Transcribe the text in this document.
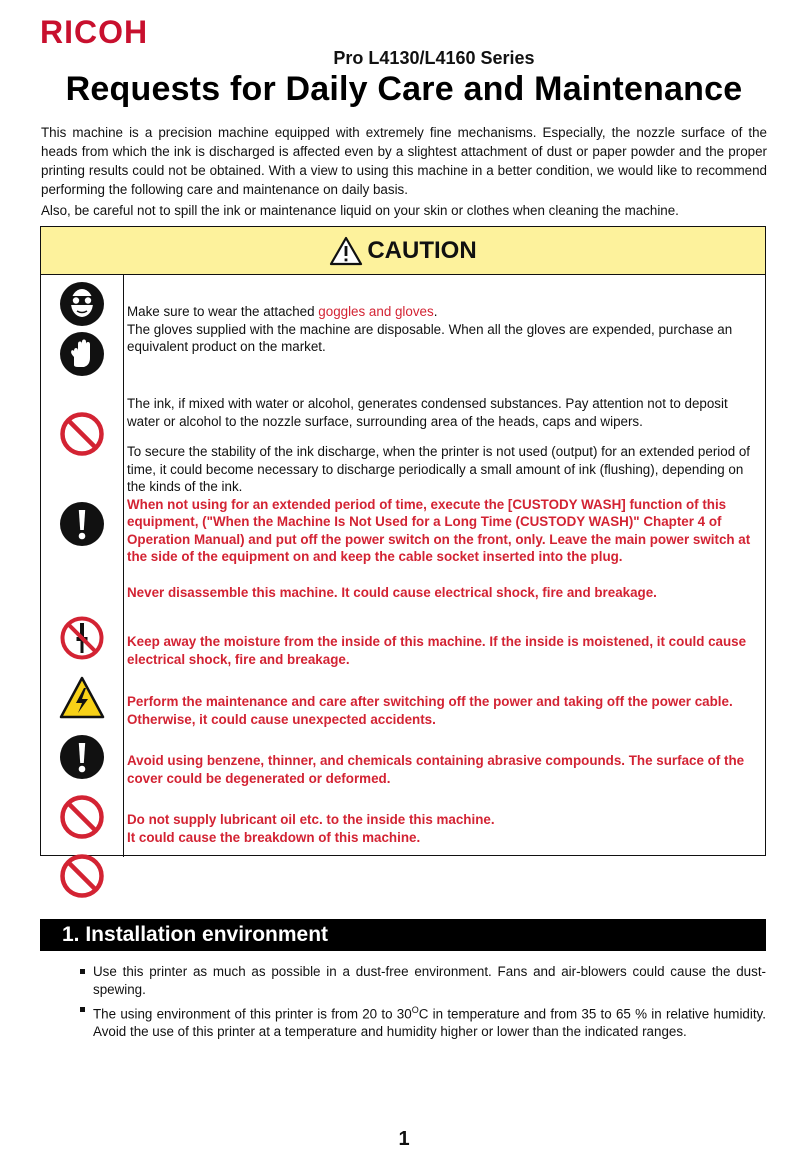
RICOH
Pro L4130/L4160 Series
Requests for Daily Care and Maintenance

This machine is a precision machine equipped with extremely fine mechanisms. Especially, the nozzle surface of the heads from which the ink is discharged is affected even by a slightest attachment of dust or paper powder and the proper printing results could not be obtained. With a view to using this machine in a better condition, we would like to recommend performing the following care and maintenance on daily basis.

Also, be careful not to spill the ink or maintenance liquid on your skin or clothes when cleaning the machine.

CAUTION

Make sure to wear the attached goggles and gloves.

The gloves supplied with the machine are disposable. When all the gloves are expended, purchase an equivalent product on the market.

The ink, if mixed with water or alcohol, generates condensed substances. Pay attention not to deposit water or alcohol to the nozzle surface, surrounding area of the heads, caps and wipers.

To secure the stability of the ink discharge, when the printer is not used (output) for an extended period of time, it could become necessary to discharge periodically a small amount of ink (flushing), depending on the kinds of the ink.

When not using for an extended period of time, execute the [CUSTODY WASH] function of this equipment, ("When the Machine Is Not Used for a Long Time (CUSTODY WASH)" Chapter 4 of Operation Manual) and put off the power switch on the front, only. Leave the main power switch at the side of the equipment on and keep the cable socket inserted into the plug.

Never disassemble this machine. It could cause electrical shock, fire and breakage.
Keep away the moisture from the inside of this machine. If the inside is moistened, it could cause electrical shock, fire and breakage.
Perform the maintenance and care after switching off the power and taking off the power cable. Otherwise, it could cause unexpected accidents.
Avoid using benzene, thinner, and chemicals containing abrasive compounds. The surface of the cover could be degenerated or deformed.

Do not supply lubricant oil etc. to the inside this machine.

It could cause the breakdown of this machine.

1. Installation environment
Use this printer as much as possible in a dust-free environment. Fans and air-blowers could cause the dust-spewing.
The using environment of this printer is from 20 to $30^OC$ in temperature and from 35 to 65 % in relative humidity. Avoid the use of this printer at a temperature and humidity higher or lower than the indicated ranges.
1
